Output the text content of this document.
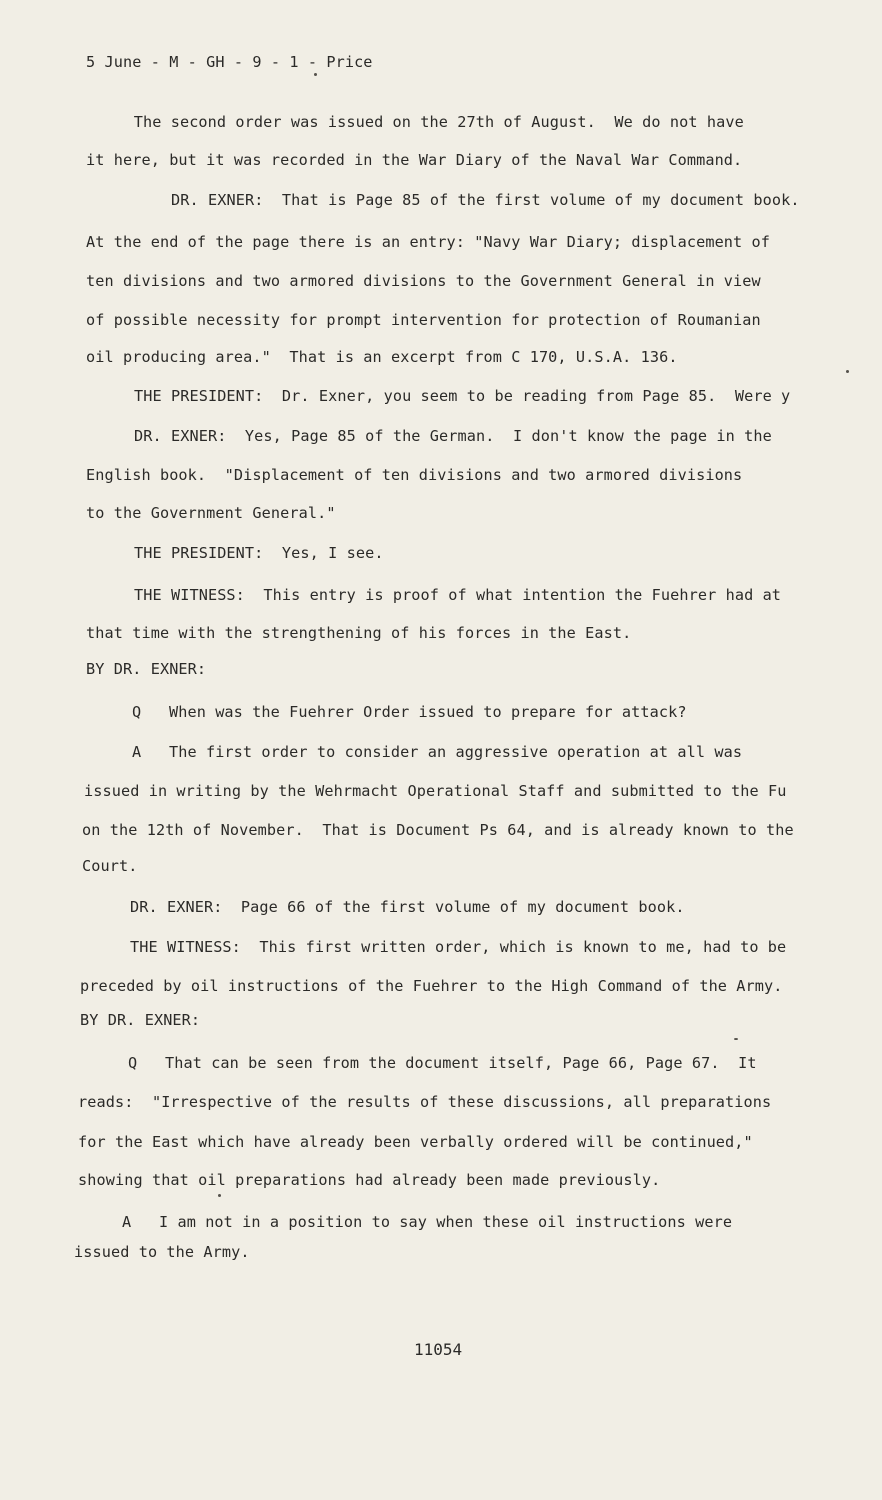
5 June - M - GH - 9 - 1 - Price
The second order was issued on the 27th of August.  We do not have
it here, but it was recorded in the War Diary of the Naval War Command.
DR. EXNER:  That is Page 85 of the first volume of my document book.
At the end of the page there is an entry: "Navy War Diary; displacement of
ten divisions and two armored divisions to the Government General in view
of possible necessity for prompt intervention for protection of Roumanian
oil producing area."  That is an excerpt from C 170, U.S.A. 136.
THE PRESIDENT:  Dr. Exner, you seem to be reading from Page 85.  Were y
DR. EXNER:  Yes, Page 85 of the German.  I don't know the page in the
English book.  "Displacement of ten divisions and two armored divisions
to the Government General."
THE PRESIDENT:  Yes, I see.
THE WITNESS:  This entry is proof of what intention the Fuehrer had at
that time with the strengthening of his forces in the East.
BY DR. EXNER:
Q   When was the Fuehrer Order issued to prepare for attack?
A   The first order to consider an aggressive operation at all was
issued in writing by the Wehrmacht Operational Staff and submitted to the Fu
on the 12th of November.  That is Document Ps 64, and is already known to the
Court.
DR. EXNER:  Page 66 of the first volume of my document book.
THE WITNESS:  This first written order, which is known to me, had to be
preceded by oil instructions of the Fuehrer to the High Command of the Army.
BY DR. EXNER:
Q   That can be seen from the document itself, Page 66, Page 67.  It
reads:  "Irrespective of the results of these discussions, all preparations
for the East which have already been verbally ordered will be continued,"
showing that oil preparations had already been made previously.
A   I am not in a position to say when these oil instructions were
issued to the Army.
11054
